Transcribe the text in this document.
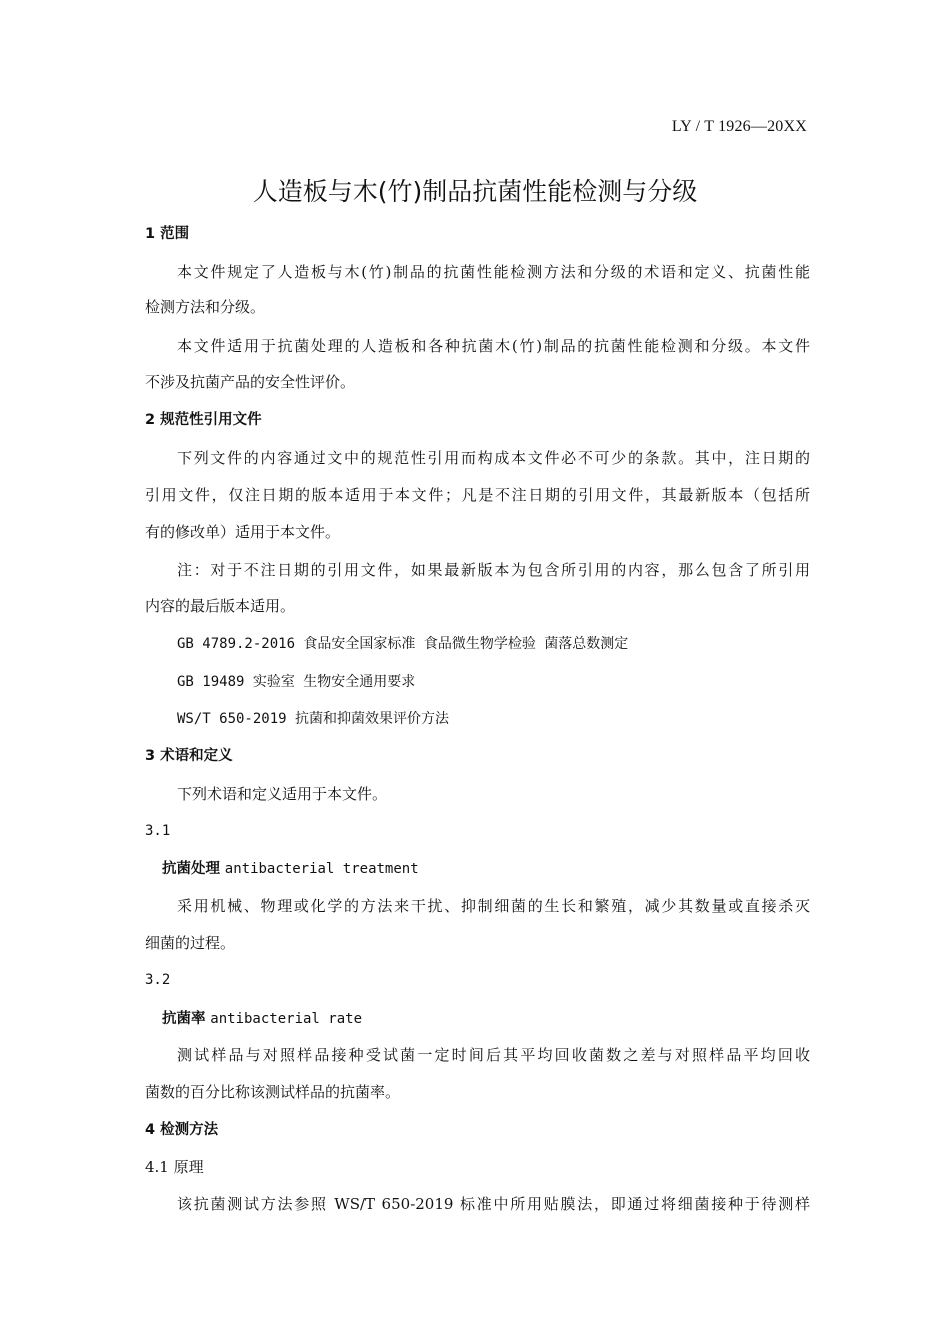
LY / T 1926—20XX
人造板与木(竹)制品抗菌性能检测与分级
1 范围
本文件规定了人造板与木(竹)制品的抗菌性能检测方法和分级的术语和定义、抗菌性能
检测方法和分级。
本文件适用于抗菌处理的人造板和各种抗菌木(竹)制品的抗菌性能检测和分级。本文件
不涉及抗菌产品的安全性评价。
2 规范性引用文件
下列文件的内容通过文中的规范性引用而构成本文件必不可少的条款。其中，注日期的
引用文件，仅注日期的版本适用于本文件；凡是不注日期的引用文件，其最新版本（包括所
有的修改单）适用于本文件。
注：对于不注日期的引用文件，如果最新版本为包含所引用的内容，那么包含了所引用
内容的最后版本适用。
GB 4789.2-2016 食品安全国家标准 食品微生物学检验 菌落总数测定
GB 19489 实验室 生物安全通用要求
WS/T 650-2019 抗菌和抑菌效果评价方法
3 术语和定义
下列术语和定义适用于本文件。
3.1
抗菌处理 antibacterial treatment
采用机械、物理或化学的方法来干扰、抑制细菌的生长和繁殖，减少其数量或直接杀灭
细菌的过程。
3.2
抗菌率 antibacterial rate
测试样品与对照样品接种受试菌一定时间后其平均回收菌数之差与对照样品平均回收
菌数的百分比称该测试样品的抗菌率。
4 检测方法
4.1 原理
该抗菌测试方法参照 WS/T 650-2019 标准中所用贴膜法，即通过将细菌接种于待测样
